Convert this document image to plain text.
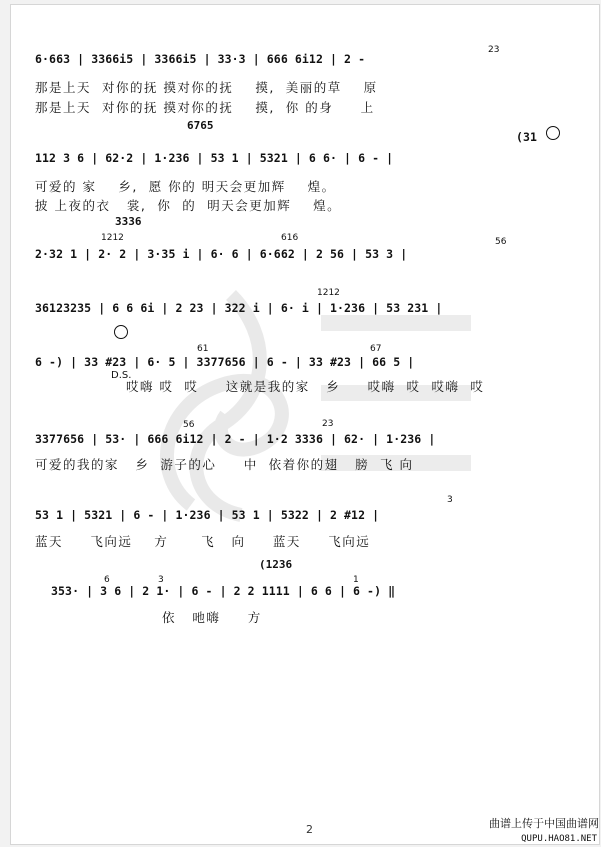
6·663 | 3366i5 | 3366i5 | 33·3 | 666 6i12 | 2 -
23
那是上天  对你的抚 摸对你的抚    摸,  美丽的草    原
那是上天  对你的抚 摸对你的抚    摸,  你 的身     上
6765
112 3 6 | 62·2 | 1·236 | 53 1 | 5321 | 6 6· | 6 - |
(31
可爱的 家    乡,  愿 你的 明天会更加辉    煌。
披 上夜的衣   裳,  你  的  明天会更加辉    煌。
3336
1212	616	56
2·32 1 | 2· 2 | 3·35 i | 6· 6 | 6·662 | 2 56 | 53 3 |
1212
36123235 | 6 6 6i | 2 23 | 322 i | 6· i | 1·236 | 53 231 |
61	67
6 -) | 33 #23 | 6· 5 | 3377656 | 6 - | 33 #23 | 66 5 |
D.S.
哎嗨 哎  哎     这就是我的家   乡     哎嗨  哎  哎嗨  哎
56	23
3377656 | 53· | 666 6i12 | 2 - | 1·2 3336 | 62· | 1·236 |
可爱的我的家   乡  游子的心     中  依着你的翅   膀  飞 向
3
53 1 | 5321 | 6 - | 1·236 | 53 1 | 5322 | 2 #12 |
蓝天     飞向远    方      飞   向     蓝天     飞向远
(1236
6	3	1
353· | 3 6 | 2 1· | 6 - | 2 2 1111 | 6 6 | 6 -) ‖
依   吔嗨     方
2	曲谱上传于中国曲谱网
QUPU.HAO81.NET
